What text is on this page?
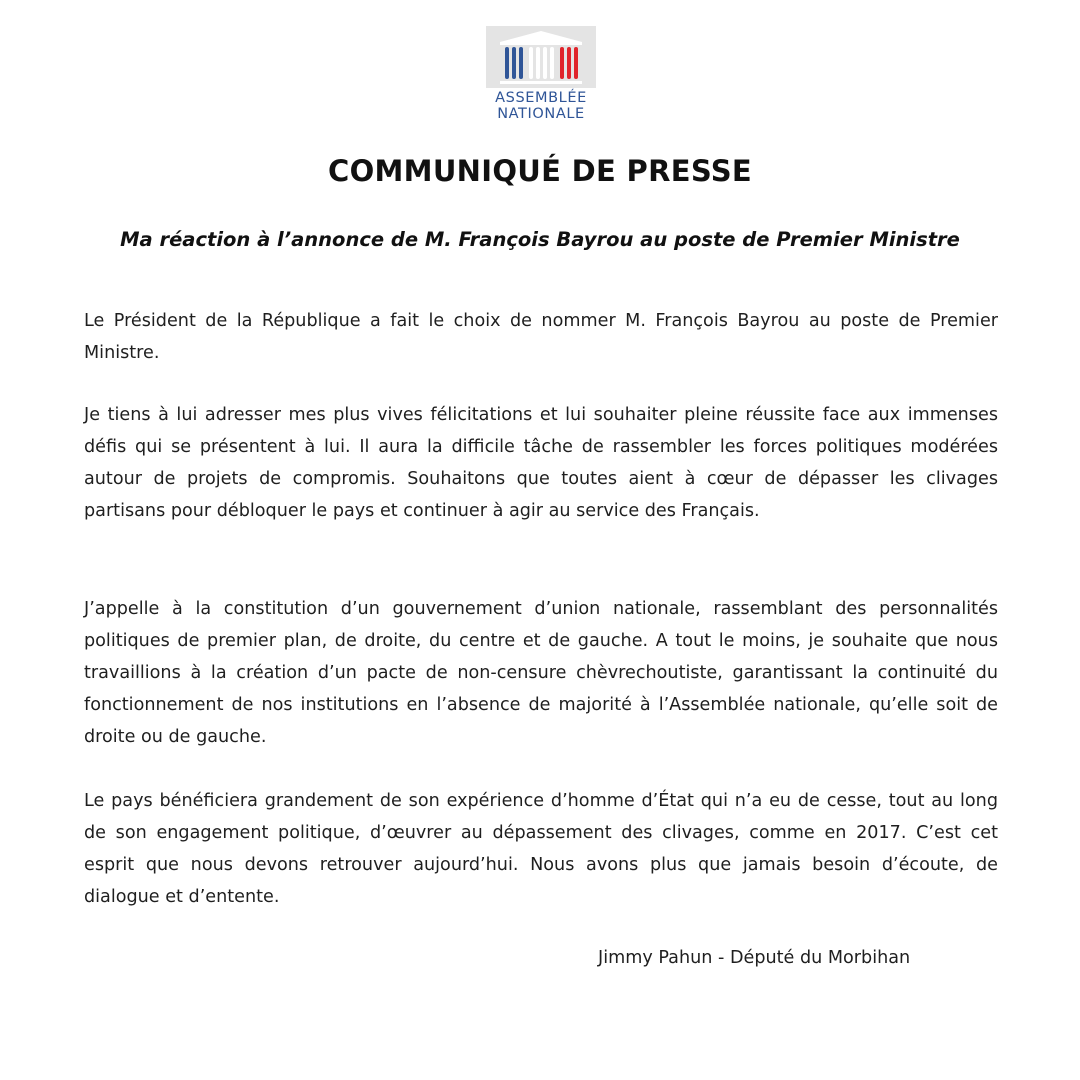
ASSEMBLÉE
NATIONALE
COMMUNIQUÉ DE PRESSE
Ma réaction à l’annonce de M. François Bayrou au poste de Premier Ministre

Le Président de la République a fait le choix de nommer M. François Bayrou au poste de Premier Ministre.

Je tiens à lui adresser mes plus vives félicitations et lui souhaiter pleine réussite face aux immenses défis qui se présentent à lui. Il aura la difficile tâche de rassembler les forces politiques modérées autour de projets de compromis. Souhaitons que toutes aient à cœur de dépasser les clivages partisans pour débloquer le pays et continuer à agir au service des Français.

J’appelle à la constitution d’un gouvernement d’union nationale, rassemblant des personnalités politiques de premier plan, de droite, du centre et de gauche. A tout le moins, je souhaite que nous travaillions à la création d’un pacte de non-censure chèvrechoutiste, garantissant la continuité du fonctionnement de nos institutions en l’absence de majorité à l’Assemblée nationale, qu’elle soit de droite ou de gauche.

Le pays bénéficiera grandement de son expérience d’homme d’État qui n’a eu de cesse, tout au long de son engagement politique, d’œuvrer au dépassement des clivages, comme en 2017. C’est cet esprit que nous devons retrouver aujourd’hui. Nous avons plus que jamais besoin d’écoute, de dialogue et d’entente.

Jimmy Pahun - Député du Morbihan
